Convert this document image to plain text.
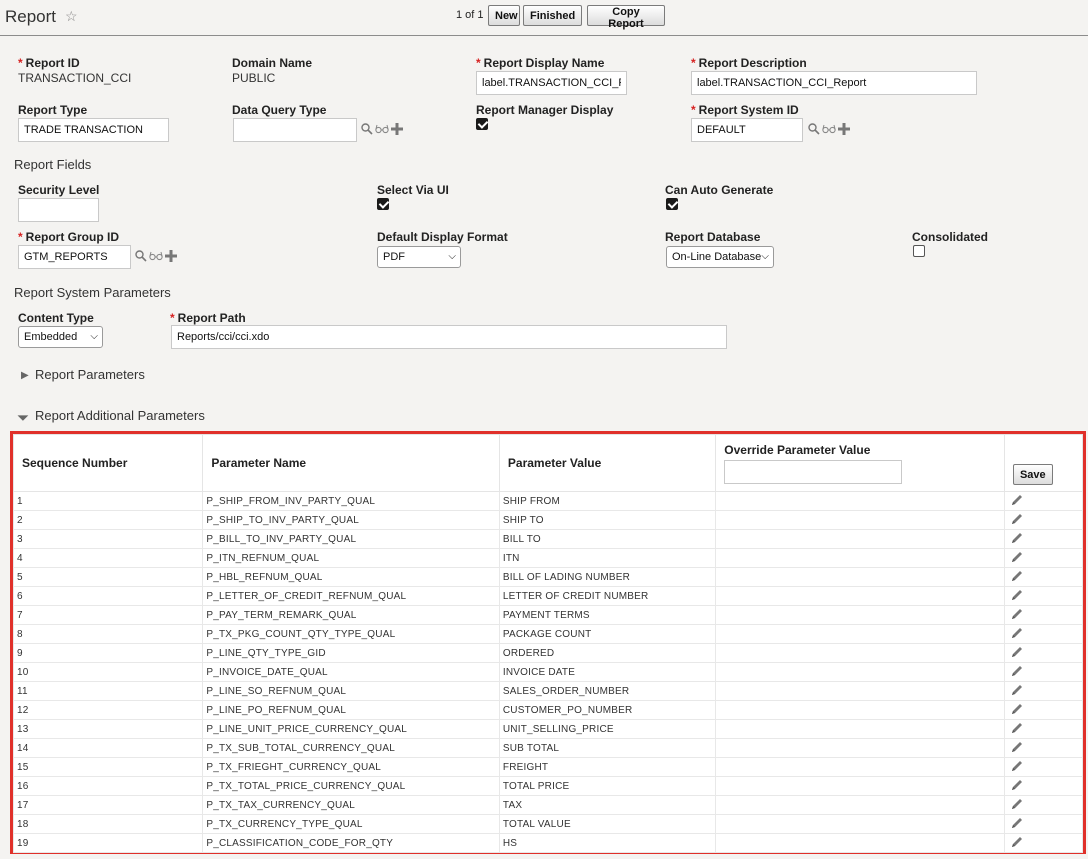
Report ☆	1 of 1	New	Finished	Copy Report
* Report ID
TRANSACTION_CCI
Domain Name
PUBLIC
* Report Display Name
label.TRANSACTION_CCI_R	* Report Description
label.TRANSACTION_CCI_Report
Report Type
TRADE TRANSACTION	Data Query Type	Report Manager Display	* Report System ID
DEFAULT
Report Fields
Security Level	Select Via UI	Can Auto Generate
* Report Group ID
GTM_REPORTS	Default Display Format
PDF	⌵
Report Database
On-Line Database ⌵
Consolidated
Report System Parameters
Content Type
Embedded ⌵
* Report Path
Reports/cci/cci.xdo
▶ Report Parameters
◢ Report Additional Parameters
Sequence Number	Parameter Name	Parameter Value	Override Parameter Value	Save
1	P_SHIP_FROM_INV_PARTY_QUAL	SHIP FROM		

2	P_SHIP_TO_INV_PARTY_QUAL	SHIP TO		

3	P_BILL_TO_INV_PARTY_QUAL	BILL TO		

4	P_ITN_REFNUM_QUAL	ITN		

5	P_HBL_REFNUM_QUAL	BILL OF LADING NUMBER		

6	P_LETTER_OF_CREDIT_REFNUM_QUAL	LETTER OF CREDIT NUMBER		

7	P_PAY_TERM_REMARK_QUAL	PAYMENT TERMS		

8	P_TX_PKG_COUNT_QTY_TYPE_QUAL	PACKAGE COUNT		

9	P_LINE_QTY_TYPE_GID	ORDERED		

10	P_INVOICE_DATE_QUAL	INVOICE DATE		

11	P_LINE_SO_REFNUM_QUAL	SALES_ORDER_NUMBER		

12	P_LINE_PO_REFNUM_QUAL	CUSTOMER_PO_NUMBER		

13	P_LINE_UNIT_PRICE_CURRENCY_QUAL	UNIT_SELLING_PRICE		

14	P_TX_SUB_TOTAL_CURRENCY_QUAL	SUB TOTAL		

15	P_TX_FRIEGHT_CURRENCY_QUAL	FREIGHT		

16	P_TX_TOTAL_PRICE_CURRENCY_QUAL	TOTAL PRICE		

17	P_TX_TAX_CURRENCY_QUAL	TAX		

18	P_TX_CURRENCY_TYPE_QUAL	TOTAL VALUE		

19	P_CLASSIFICATION_CODE_FOR_QTY	HS		
